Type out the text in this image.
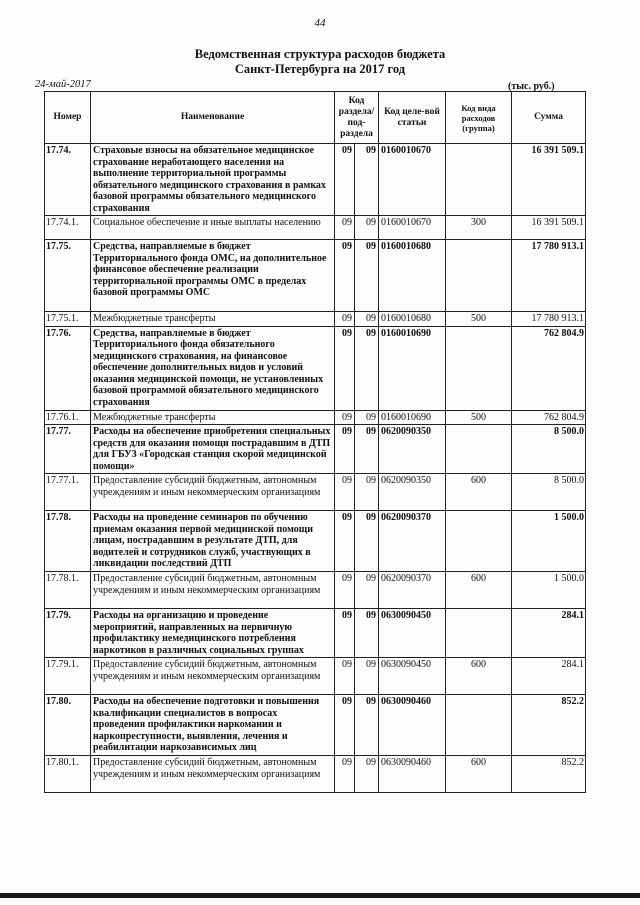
44
Ведомственная структура расходов бюджета
Санкт-Петербурга на 2017 год
24-май-2017	(тыс. руб.)
Номер	Наименование	Код раздела/ под-раздела		Код целе-вой статьи	Код вида расходов (группа)	Сумма
17.74.	Страховые взносы на обязательное медицинское страхование неработающего населения на выполнение территориальной программы обязательного медицинского страхования в рамках базовой программы обязательного медицинского страхования	09	09	0160010670		16 391 509.1
17.74.1.	Социальное обеспечение и иные выплаты населению	09	09	0160010670	300	16 391 509.1
17.75.	Средства, направляемые в бюджет Территориального фонда ОМС, на дополнительное финансовое обеспечение реализации территориальной программы ОМС в пределах базовой программы ОМС	09	09	0160010680		17 780 913.1
17.75.1.	Межбюджетные трансферты	09	09	0160010680	500	17 780 913.1
17.76.	Средства, направляемые в бюджет Территориального фонда обязательного медицинского страхования, на финансовое обеспечение дополнительных видов и условий оказания медицинской помощи, не установленных базовой программой обязательного медицинского страхования	09	09	0160010690		762 804.9
17.76.1.	Межбюджетные трансферты	09	09	0160010690	500	762 804.9
17.77.	Расходы на обеспечение приобретения специальных средств для оказания помощи пострадавшим в ДТП для ГБУЗ «Городская станция скорой медицинской помощи»	09	09	0620090350		8 500.0
17.77.1.	Предоставление субсидий бюджетным, автономным учреждениям и иным некоммерческим организациям	09	09	0620090350	600	8 500.0
17.78.	Расходы на проведение семинаров по обучению приемам оказания первой медицинской помощи лицам, пострадавшим в результате ДТП, для водителей и сотрудников служб, участвующих в ликвидации последствий ДТП	09	09	0620090370		1 500.0
17.78.1.	Предоставление субсидий бюджетным, автономным учреждениям и иным некоммерческим организациям	09	09	0620090370	600	1 500.0
17.79.	Расходы на организацию и проведение мероприятий, направленных на первичную профилактику немедицинского потребления наркотиков в различных социальных группах	09	09	0630090450		284.1
17.79.1.	Предоставление субсидий бюджетным, автономным учреждениям и иным некоммерческим организациям	09	09	0630090450	600	284.1
17.80.	Расходы на обеспечение подготовки и повышения квалификации специалистов в вопросах проведения профилактики наркомании и наркопреступности, выявления, лечения и реабилитации наркозависимых лиц	09	09	0630090460		852.2
17.80.1.	Предоставление субсидий бюджетным, автономным учреждениям и иным некоммерческим организациям	09	09	0630090460	600	852.2
